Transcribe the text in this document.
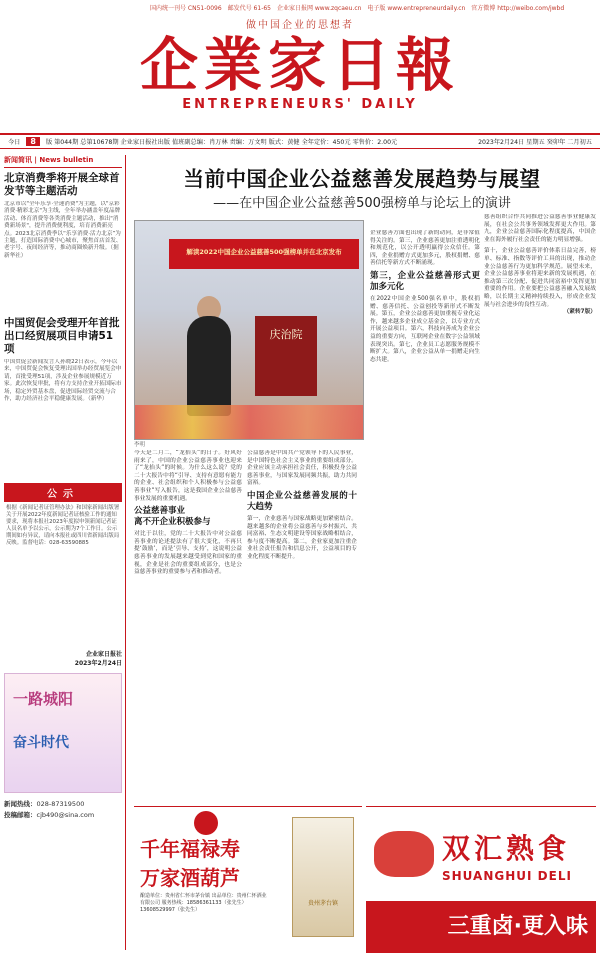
国内统一刊号 CN51-0096　邮发代号 61-65　企业家日报网 www.zqcaeu.cn　电子版 www.entrepreneurdaily.cn　官方微博 http://weibo.com/jwbd
做中国企业的思想者
企業家日報
ENTREPRENEURS' DAILY
今日	8	版 第044期 总第10678期 企业家日报社出版 值班副总编：肖万林 责编：万文明 版式：黄健 全年定价：450元 零售价：2.00元	2023年2月24日 星期五 癸卯年 二月初五
新闻简讯 | News bulletin
北京消费季将开展全球首发节等主题活动
北京市以"全年乐享·全速消费"为主题，以"京彩消费·精彩北京"为主线，全年举办涵盖年度品牌活动、体育消费等各类消费主题活动，推出"消费新场景"，提升消费便利度，培育消费新亮点。2023北京消费季以“乐享消费·活力北京”为主题，打造国际消费中心城市，聚焦首店首发、老字号、夜间经济等，推动商圈焕新升级。（据新华社）
中国贸促会受理开年首批出口经贸展项目申请51项
中国贸促会新闻发言人孙晓22日表示，今年以来，中国贸促会恢复受理出国举办经贸展览会申请，首批受理51项，涉及企业参展规模近万家。此次恢复审批，将有力支持企业开拓国际市场，稳定外贸基本盘，促进国际经贸交流与合作，助力经济社会平稳健康发展。（新华）
公示
根据《新闻记者证管理办法》和国家新闻出版署关于开展2022年度新闻记者证核验工作的通知要求，现将本报社2023年度拟申领新闻记者证人员名单予以公示，公示期为7个工作日。公示期间如有异议，请向本报社或四川省新闻出版局反映。监督电话：028-63590885
企业家日报社
2023年2月24日
一路城阳
奋斗时代
新闻热线：028-87319500
投稿邮箱：cjb490@sina.com
当前中国企业公益慈善发展趋势与展望
——在中国企业公益慈善500强榜单与论坛上的演讲
解读2022中国企业公益慈善500强榜单并在北京发布
庆治院
李明

今天是二月二，“龙抬头”的日子。好风好雨来了，中国的企业公益慈善事业也迎来了“龙抬头”的时候。为什么这么说？党的二十大报告中将“引导、支持有意愿有能力的企业、社会组织和个人积极参与公益慈善事业”写入报告，这是我国企业公益慈善事业发展的重要机遇。

公益慈善事业
离不开企业积极参与

对比于以往，党的二十大报告中对公益慈善事业的论述提法有了很大变化，不再只提‘鼓励’，而是‘引导、支持’，这说明公益慈善事业的发展越来越受到党和国家的重视，企业是社会的重要组成部分，也是公益慈善事业的重要参与者和推动者。

公益慈善是中国共产党领导下的人民事业，是中国特色社会主义事业的重要组成部分。企业应该主动承担社会责任，积极投身公益慈善事业，与国家发展同频共振，助力共同富裕。

中国企业公益慈善发展的十大趋势

第一，企业慈善与国家战略更加紧密结合。越来越多的企业将公益慈善与乡村振兴、共同富裕、生态文明建设等国家战略相结合，参与度不断提高。第二，企业家更加注重企业社会责任报告和信息公开，公益项目的专业化程度不断提升。

企业慈善方面也出现了新的动向，是非常值得关注的。第三，企业慈善更加注重透明化和规范化，以公开透明赢得公众信任。第四，企业捐赠方式更加多元，股权捐赠、慈善信托等新方式不断涌现。

第三，企业公益慈善形式更加多元化

在2022中国企业500强名单中，股权捐赠、慈善信托、公益创投等新形式不断发展。第五，企业公益慈善更加重视专业化运作，越来越多企业成立基金会，以专业方式开展公益项目。第六，科技向善成为企业公益的重要方向，互联网企业在数字公益领域表现突出。第七，企业员工志愿服务规模不断扩大。第八，企业公益从单一捐赠走向生态共建。

慈善组织合作共同推进公益慈善事业健康发展，在社会公共事务领域发挥更大作用。第九，企业公益慈善国际化程度提高，中国企业在海外履行社会责任的能力明显增强。

第十，企业公益慈善评价体系日益完善，榜单、标准、指数等评价工具的出现，推动企业公益慈善行为更加科学规范。展望未来，企业公益慈善事业将迎来新的发展机遇，在推动第三次分配、促进共同富裕中发挥更加重要的作用。企业要把公益慈善融入发展战略，以长期主义精神持续投入，形成企业发展与社会进步的良性互动。

（紧转7版）

千年福禄寿
万家酒葫芦
酿造单位：贵州省仁怀市茅台镇 出品单位：贵州仁怀酒业有限公司 服务热线：18586361133（张先生） 13608529997（张先生）
贵州茅台镇
双汇熟食
SHUANGHUI DELI
三重卤·更入味
